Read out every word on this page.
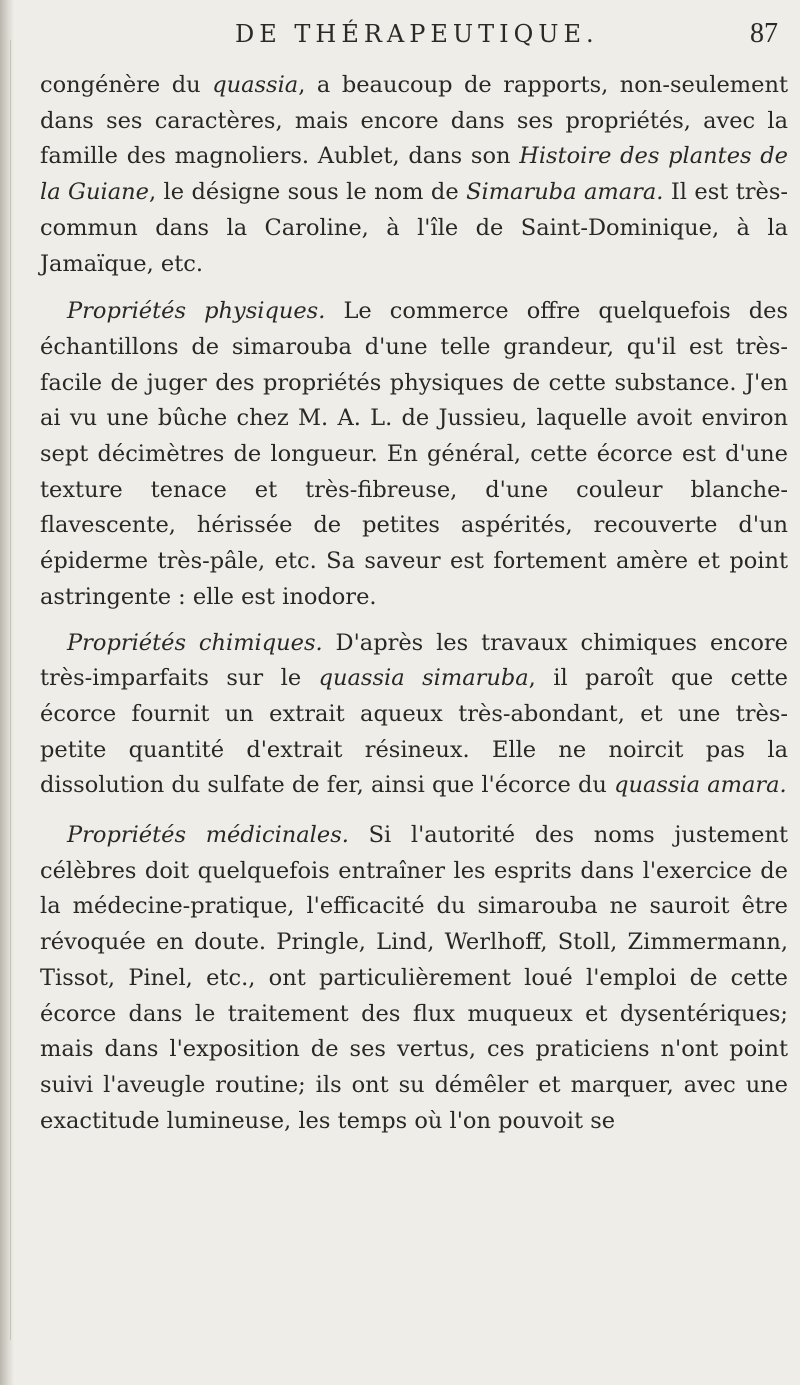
DE THÉRAPEUTIQUE.	87

congénère du quassia, a beaucoup de rapports, non-seulement dans ses caractères, mais encore dans ses propriétés, avec la famille des magnoliers. Aublet, dans son Histoire des plantes de la Guiane, le désigne sous le nom de Simaruba amara. Il est très-commun dans la Caroline, à l'île de Saint-Dominique, à la Jamaïque, etc.

Propriétés physiques. Le commerce offre quelquefois des échantillons de simarouba d'une telle grandeur, qu'il est très-facile de juger des propriétés physiques de cette substance. J'en ai vu une bûche chez M. A. L. de Jussieu, laquelle avoit environ sept décimètres de longueur. En général, cette écorce est d'une texture tenace et très-fibreuse, d'une couleur blanche-flavescente, hérissée de petites aspérités, recouverte d'un épiderme très-pâle, etc. Sa saveur est fortement amère et point astringente : elle est inodore.

Propriétés chimiques. D'après les travaux chimiques encore très-imparfaits sur le quassia simaruba, il paroît que cette écorce fournit un extrait aqueux très-abondant, et une très-petite quantité d'extrait résineux. Elle ne noircit pas la dissolution du sulfate de fer, ainsi que l'écorce du quassia amara.

Propriétés médicinales. Si l'autorité des noms justement célèbres doit quelquefois entraîner les esprits dans l'exercice de la médecine-pratique, l'efficacité du simarouba ne sauroit être révoquée en doute. Pringle, Lind, Werlhoff, Stoll, Zimmermann, Tissot, Pinel, etc., ont particulièrement loué l'emploi de cette écorce dans le traitement des flux muqueux et dysentériques; mais dans l'exposition de ses vertus, ces praticiens n'ont point suivi l'aveugle routine; ils ont su démêler et marquer, avec une exactitude lumineuse, les temps où l'on pouvoit se
